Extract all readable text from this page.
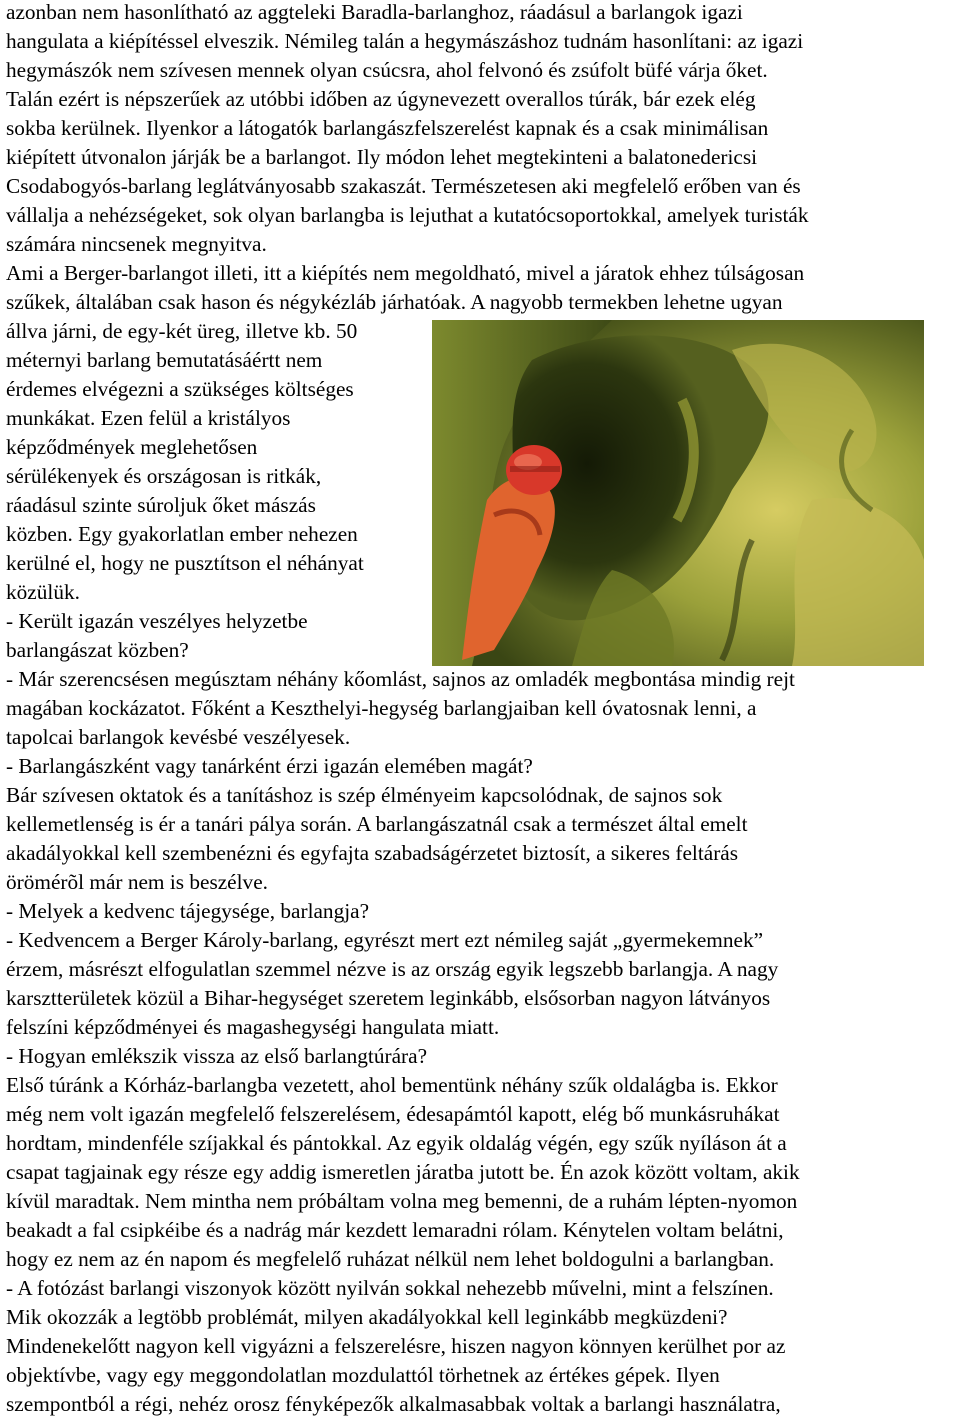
azonban nem hasonlítható az aggteleki Baradla-barlanghoz, ráadásul a barlangok igazi
hangulata a kiépítéssel elveszik. Némileg talán a hegymászáshoz tudnám hasonlítani: az igazi
hegymászók nem szívesen mennek olyan csúcsra, ahol felvonó és zsúfolt büfé várja őket.
Talán ezért is népszerűek az utóbbi időben az úgynevezett overallos túrák, bár ezek elég
sokba kerülnek. Ilyenkor a látogatók barlangászfelszerelést kapnak és a csak minimálisan
kiépített útvonalon járják be a barlangot. Ily módon lehet megtekinteni a balatonedericsi
Csodabogyós-barlang leglátványosabb szakaszát. Természetesen aki megfelelő erőben van és
vállalja a nehézségeket, sok olyan barlangba is lejuthat a kutatócsoportokkal, amelyek turisták
számára nincsenek megnyitva.
Ami a Berger-barlangot illeti, itt a kiépítés nem megoldható, mivel a járatok ehhez túlságosan
szűkek, általában csak hason és négykézláb járhatóak. A nagyobb termekben lehetne ugyan
állva járni, de egy-két üreg, illetve kb. 50
méternyi barlang bemutatásáértt nem
érdemes elvégezni a szükséges költséges
munkákat. Ezen felül a kristályos
képződmények meglehetősen
sérülékenyek és országosan is ritkák,
ráadásul szinte súroljuk őket mászás
közben. Egy gyakorlatlan ember nehezen
kerülné el, hogy ne pusztítson el néhányat
közülük.
- Került igazán veszélyes helyzetbe
barlangászat közben?
- Már szerencsésen megúsztam néhány kőomlást, sajnos az omladék megbontása mindig rejt
magában kockázatot. Főként a Keszthelyi-hegység barlangjaiban kell óvatosnak lenni, a
tapolcai barlangok kevésbé veszélyesek.
- Barlangászként vagy tanárként érzi igazán elemében magát?
Bár szívesen oktatok és a tanításhoz is szép élményeim kapcsolódnak, de sajnos sok
kellemetlenség is ér a tanári pálya során. A barlangászatnál csak a természet által emelt
akadályokkal kell szembenézni és egyfajta szabadságérzetet biztosít, a sikeres feltárás
örömérõl már nem is beszélve.
- Melyek a kedvenc tájegysége, barlangja?
- Kedvencem a Berger Károly-barlang, egyrészt mert ezt némileg saját „gyermekemnek”
érzem, másrészt elfogulatlan szemmel nézve is az ország egyik legszebb barlangja. A nagy
karsztterületek közül a Bihar-hegységet szeretem leginkább, elsősorban nagyon látványos
felszíni képződményei és magashegységi hangulata miatt.
- Hogyan emlékszik vissza az első barlangtúrára?
Első túránk a Kórház-barlangba vezetett, ahol bementünk néhány szűk oldalágba is. Ekkor
még nem volt igazán megfelelő felszerelésem, édesapámtól kapott, elég bő munkásruhákat
hordtam, mindenféle szíjakkal és pántokkal. Az egyik oldalág végén, egy szűk nyíláson át a
csapat tagjainak egy része egy addig ismeretlen járatba jutott be. Én azok között voltam, akik
kívül maradtak. Nem mintha nem próbáltam volna meg bemenni, de a ruhám lépten-nyomon
beakadt a fal csipkéibe és a nadrág már kezdett lemaradni rólam. Kénytelen voltam belátni,
hogy ez nem az én napom és megfelelő ruházat nélkül nem lehet boldogulni a barlangban.
- A fotózást barlangi viszonyok között nyilván sokkal nehezebb művelni, mint a felszínen.
Mik okozzák a legtöbb problémát, milyen akadályokkal kell leginkább megküzdeni?
Mindenekelőtt nagyon kell vigyázni a felszerelésre, hiszen nagyon könnyen kerülhet por az
objektívbe, vagy egy meggondolatlan mozdulattól törhetnek az értékes gépek. Ilyen
szempontból a régi, nehéz orosz fényképezők alkalmasabbak voltak a barlangi használatra,
